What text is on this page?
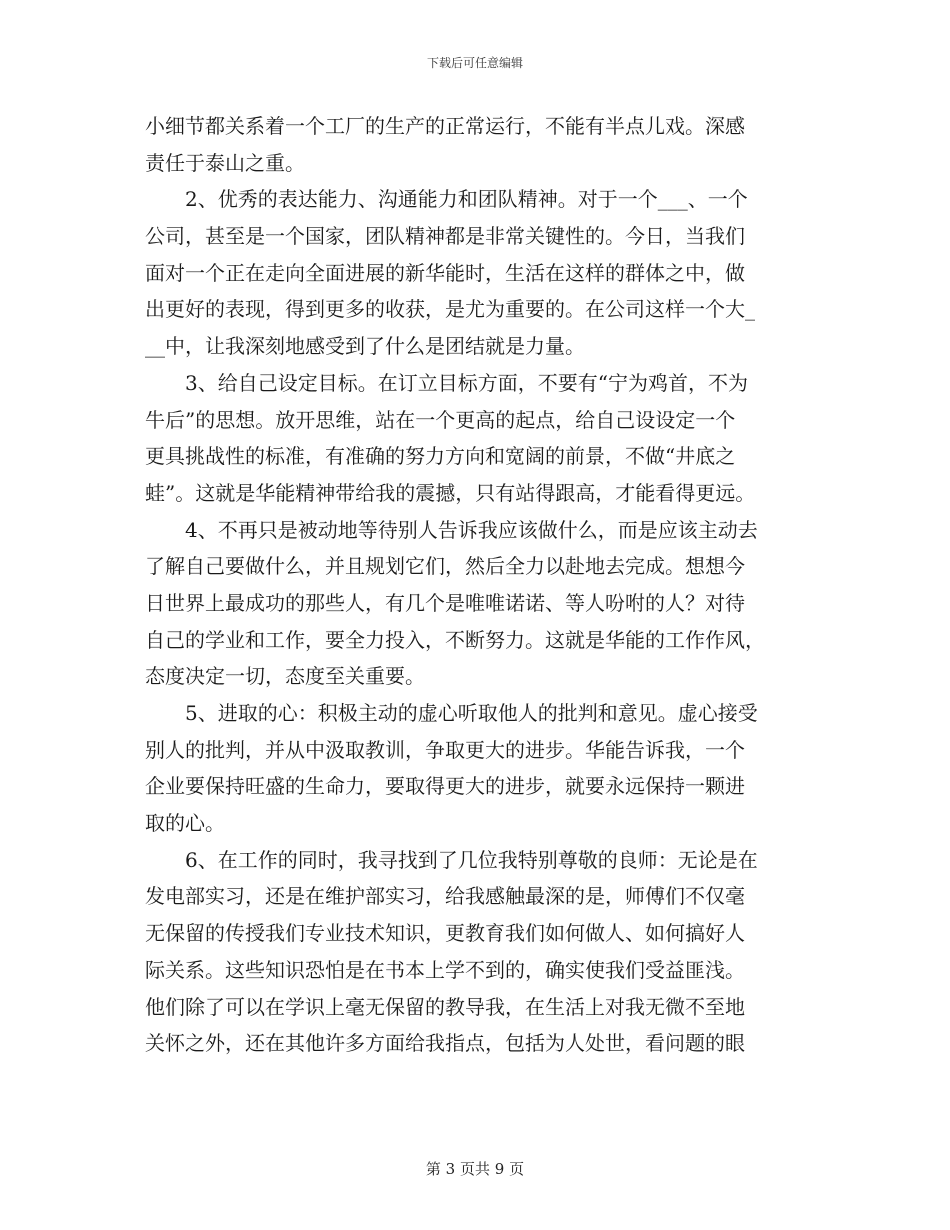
下载后可任意编辑
小细节都关系着一个工厂的生产的正常运行，不能有半点儿戏。深感
责任于泰山之重。
2、优秀的表达能力、沟通能力和团队精神。对于一个___、一个
公司，甚至是一个国家，团队精神都是非常关键性的。今日，当我们
面对一个正在走向全面进展的新华能时，生活在这样的群体之中，做
出更好的表现，得到更多的收获，是尤为重要的。在公司这样一个大_
__中，让我深刻地感受到了什么是团结就是力量。
3、给自己设定目标。在订立目标方面，不要有“宁为鸡首，不为
牛后”的思想。放开思维，站在一个更高的起点，给自己设设定一个
更具挑战性的标准，有准确的努力方向和宽阔的前景，不做“井底之
蛙”。这就是华能精神带给我的震撼，只有站得跟高，才能看得更远。
4、不再只是被动地等待别人告诉我应该做什么，而是应该主动去
了解自己要做什么，并且规划它们，然后全力以赴地去完成。想想今
日世界上最成功的那些人，有几个是唯唯诺诺、等人吩咐的人？对待
自己的学业和工作，要全力投入，不断努力。这就是华能的工作作风，
态度决定一切，态度至关重要。
5、进取的心：积极主动的虚心听取他人的批判和意见。虚心接受
别人的批判，并从中汲取教训，争取更大的进步。华能告诉我，一个
企业要保持旺盛的生命力，要取得更大的进步，就要永远保持一颗进
取的心。
6、在工作的同时，我寻找到了几位我特别尊敬的良师：无论是在
发电部实习，还是在维护部实习，给我感触最深的是，师傅们不仅毫
无保留的传授我们专业技术知识，更教育我们如何做人、如何搞好人
际关系。这些知识恐怕是在书本上学不到的，确实使我们受益匪浅。
他们除了可以在学识上毫无保留的教导我，在生活上对我无微不至地
关怀之外，还在其他许多方面给我指点，包括为人处世，看问题的眼
第 3 页共 9 页
